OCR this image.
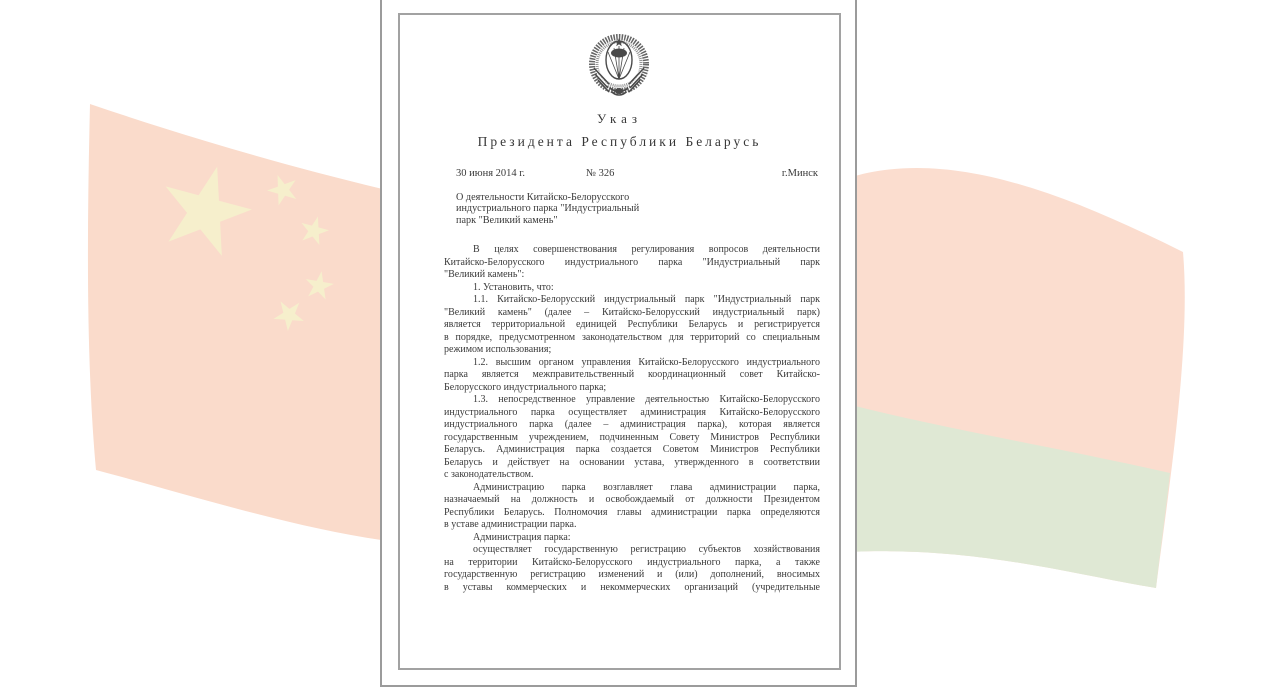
Указ
Президента Республики Беларусь
30 июня 2014 г.	№ 326	г.Минск
О деятельности Китайско-Белорусского
индустриального парка "Индустриальный
парк "Великий камень"
В целях совершенствования регулирования вопросов деятельности
Китайско-Белорусского индустриального парка "Индустриальный парк
"Великий камень":
1. Установить, что:
1.1. Китайско-Белорусский индустриальный парк "Индустриальный парк
"Великий камень" (далее – Китайско-Белорусский индустриальный парк)
является территориальной единицей Республики Беларусь и регистрируется
в порядке, предусмотренном законодательством для территорий со специальным
режимом использования;
1.2. высшим органом управления Китайско-Белорусского индустриального
парка является межправительственный координационный совет Китайско-
Белорусского индустриального парка;
1.3. непосредственное управление деятельностью Китайско-Белорусского
индустриального парка осуществляет администрация Китайско-Белорусского
индустриального парка (далее – администрация парка), которая является
государственным учреждением, подчиненным Совету Министров Республики
Беларусь. Администрация парка создается Советом Министров Республики
Беларусь и действует на основании устава, утвержденного в соответствии
с законодательством.
Администрацию парка возглавляет глава администрации парка,
назначаемый на должность и освобождаемый от должности Президентом
Республики Беларусь. Полномочия главы администрации парка определяются
в уставе администрации парка.
Администрация парка:
осуществляет государственную регистрацию субъектов хозяйствования
на территории Китайско-Белорусского индустриального парка, а также
государственную регистрацию изменений и (или) дополнений, вносимых
в уставы коммерческих и некоммерческих организаций (учредительные
